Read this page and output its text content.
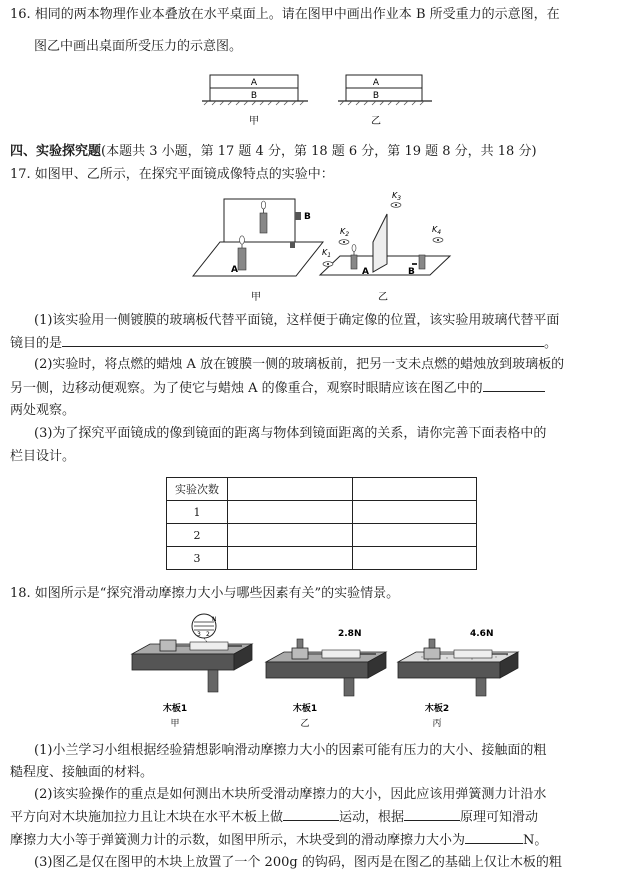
16. 相同的两本物理作业本叠放在水平桌面上。请在图甲中画出作业本 B 所受重力的示意图，在
图乙中画出桌面所受压力的示意图。
A
B
甲
A
B
乙
四、实验探究题(本题共 3 小题，第 17 题 4 分，第 18 题 6 分，第 19 题 8 分，共 18 分)
17. 如图甲、乙所示，在探究平面镜成像特点的实验中：
A
B
甲
$K_1$
$K_2$
$K_3$
$K_4$
A	B
乙
(1)该实验用一侧镀膜的玻璃板代替平面镜，这样便于确定像的位置，该实验用玻璃代替平面
镜目的是	。
(2)实验时，将点燃的蜡烛 A 放在镀膜一侧的玻璃板前，把另一支未点燃的蜡烛放到玻璃板的
另一侧，边移动便观察。为了使它与蜡烛 A 的像重合，观察时眼睛应该在图乙中的
两处观察。
(3)为了探究平面镜成的像到镜面的距离与物体到镜面距离的关系，请你完善下面表格中的
栏目设计。
实验次数		
1		
2		
3		
18. 如图所示是“探究滑动摩擦力大小与哪些因素有关”的实验情景。
3 2
N
木板1
甲
2.8N
木板1
乙
4.6N
木板2
丙
(1)小兰学习小组根据经验猜想影响滑动摩擦力大小的因素可能有压力的大小、接触面的粗
糙程度、接触面的材料。
(2)该实验操作的重点是如何测出木块所受滑动摩擦力的大小，因此应该用弹簧测力计沿水
平方向对木块施加拉力且让木块在水平木板上做	运动，根据	原理可知滑动
摩擦力大小等于弹簧测力计的示数，如图甲所示，木块受到的滑动摩擦力大小为	N。
(3)图乙是仅在图甲的木块上放置了一个 200g 的钩码，图丙是在图乙的基础上仅让木板的粗
